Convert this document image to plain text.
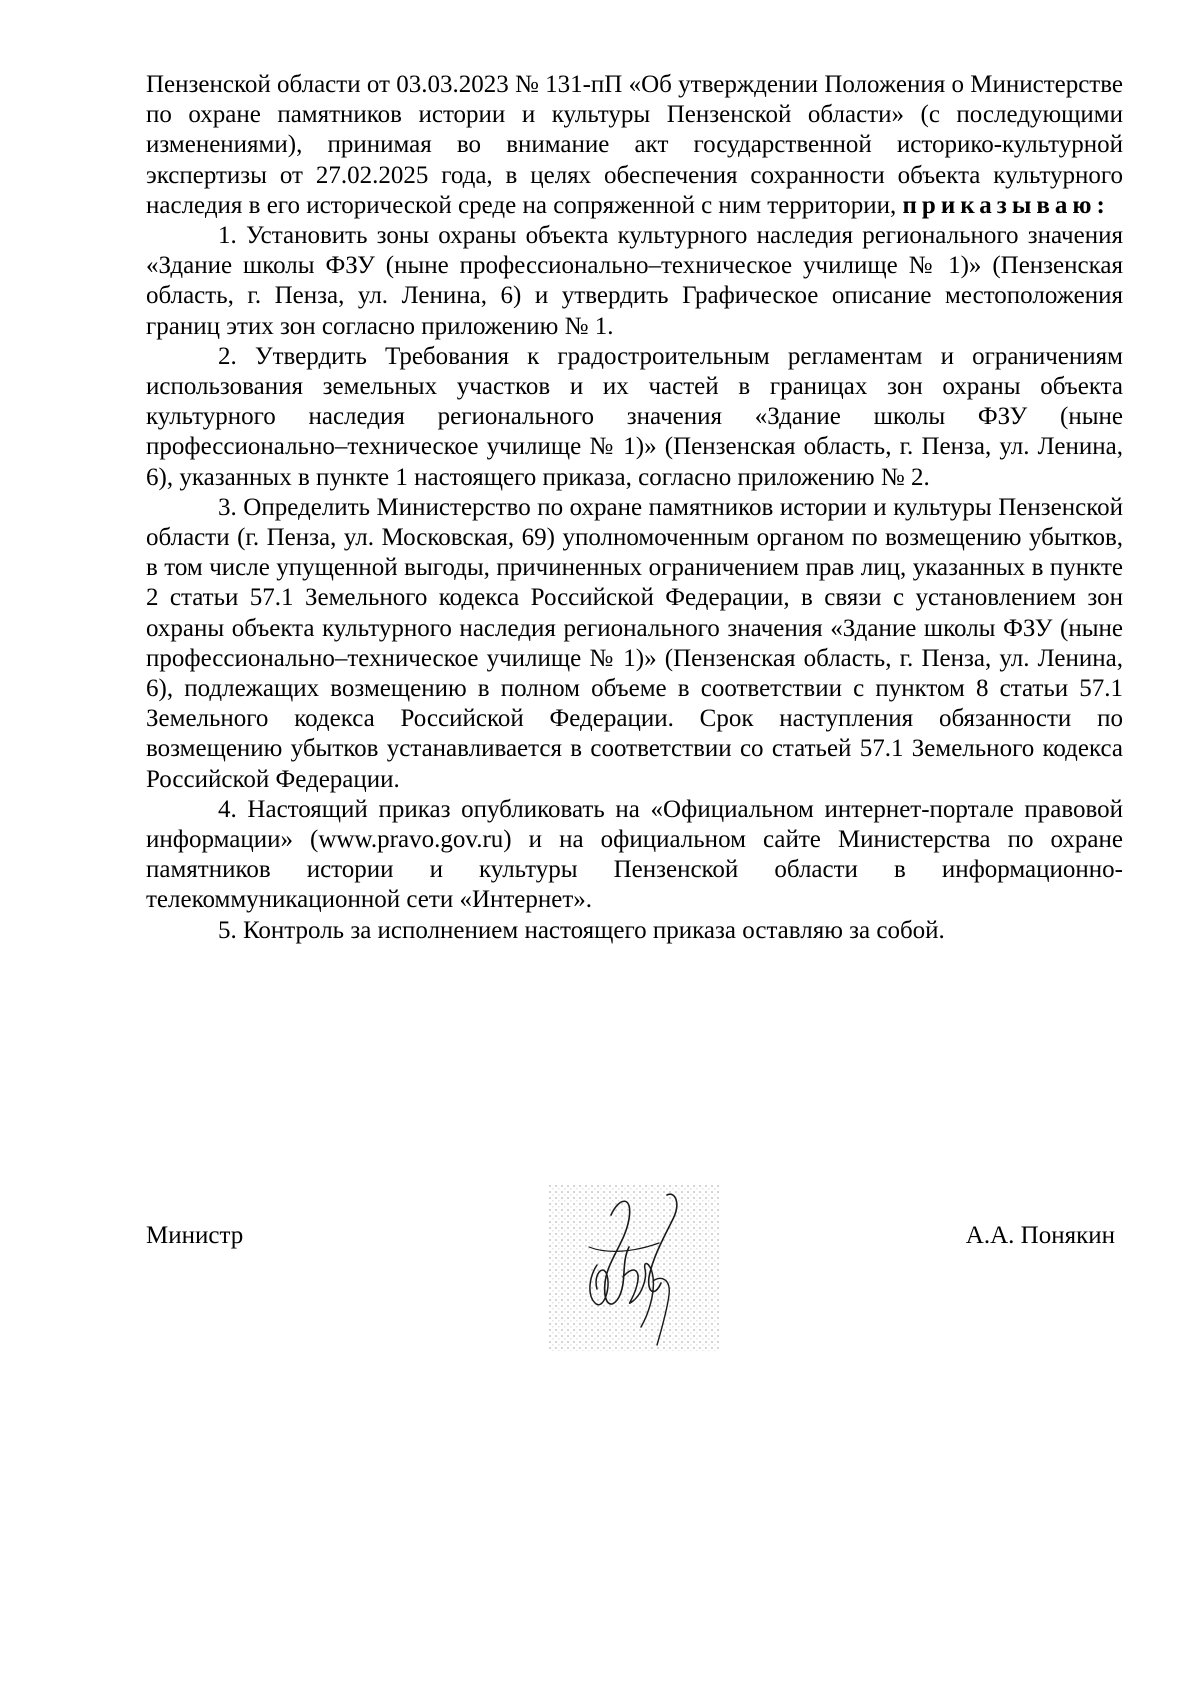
Пензенской области от 03.03.2023 № 131-пП «Об утверждении Положения о Министерстве по охране памятников истории и культуры Пензенской области» (с последующими изменениями), принимая во внимание акт государственной историко-культурной экспертизы от 27.02.2025 года, в целях обеспечения сохранности объекта культурного наследия в его исторической среде на сопряженной с ним территории, приказываю:

1. Установить зоны охраны объекта культурного наследия регионального значения «Здание школы ФЗУ (ныне профессионально–техническое училище № 1)» (Пензенская область, г. Пенза, ул. Ленина, 6) и утвердить Графическое описание местоположения границ этих зон согласно приложению № 1.

2. Утвердить Требования к градостроительным регламентам и ограничениям использования земельных участков и их частей в границах зон охраны объекта культурного наследия регионального значения «Здание школы ФЗУ (ныне профессионально–техническое училище № 1)» (Пензенская область, г. Пенза, ул. Ленина, 6), указанных в пункте 1 настоящего приказа, согласно приложению № 2.

3. Определить Министерство по охране памятников истории и культуры Пензенской области (г. Пенза, ул. Московская, 69) уполномоченным органом по возмещению убытков, в том числе упущенной выгоды, причиненных ограничением прав лиц, указанных в пункте 2 статьи 57.1 Земельного кодекса Российской Федерации, в связи с установлением зон охраны объекта культурного наследия регионального значения «Здание школы ФЗУ (ныне профессионально–техническое училище № 1)» (Пензенская область, г. Пенза, ул. Ленина, 6), подлежащих возмещению в полном объеме в соответствии с пунктом 8 статьи 57.1 Земельного кодекса Российской Федерации. Срок наступления обязанности по возмещению убытков устанавливается в соответствии со статьей 57.1 Земельного кодекса Российской Федерации.

4. Настоящий приказ опубликовать на «Официальном интернет-портале правовой информации» (www.pravo.gov.ru) и на официальном сайте Министерства по охране памятников истории и культуры Пензенской области в информационно-телекоммуникационной сети «Интернет».

5. Контроль за исполнением настоящего приказа оставляю за собой.

Министр	А.А. Понякин
